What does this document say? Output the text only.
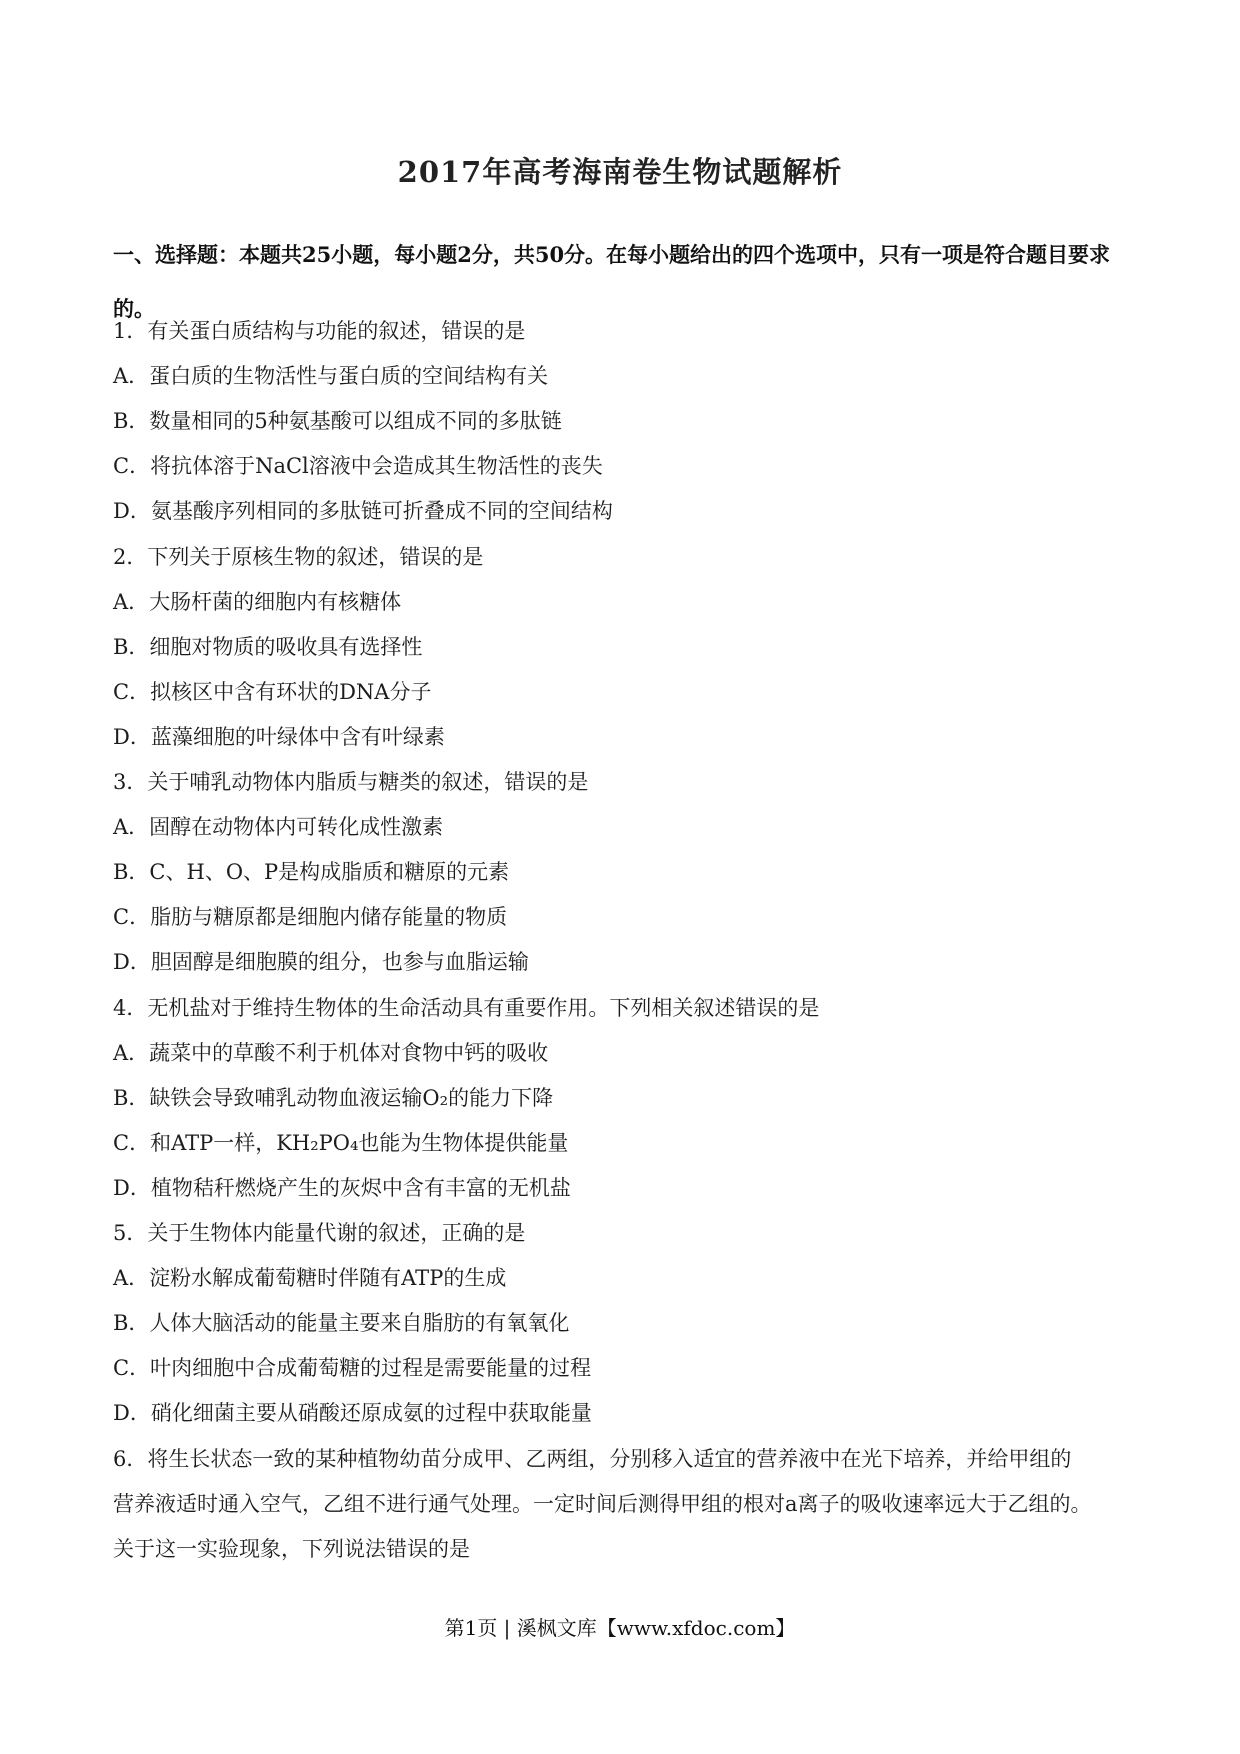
2017年高考海南卷生物试题解析
一、选择题：本题共25小题，每小题2分，共50分。在每小题给出的四个选项中，只有一项是符合题目要求的。
1．有关蛋白质结构与功能的叙述，错误的是
A．蛋白质的生物活性与蛋白质的空间结构有关
B．数量相同的5种氨基酸可以组成不同的多肽链
C．将抗体溶于NaCl溶液中会造成其生物活性的丧失
D．氨基酸序列相同的多肽链可折叠成不同的空间结构
2．下列关于原核生物的叙述，错误的是
A．大肠杆菌的细胞内有核糖体
B．细胞对物质的吸收具有选择性
C．拟核区中含有环状的DNA分子
D．蓝藻细胞的叶绿体中含有叶绿素
3．关于哺乳动物体内脂质与糖类的叙述，错误的是
A．固醇在动物体内可转化成性激素
B．C、H、O、P是构成脂质和糖原的元素
C．脂肪与糖原都是细胞内储存能量的物质
D．胆固醇是细胞膜的组分，也参与血脂运输
4．无机盐对于维持生物体的生命活动具有重要作用。下列相关叙述错误的是
A．蔬菜中的草酸不利于机体对食物中钙的吸收
B．缺铁会导致哺乳动物血液运输O₂的能力下降
C．和ATP一样，KH₂PO₄也能为生物体提供能量
D．植物秸秆燃烧产生的灰烬中含有丰富的无机盐
5．关于生物体内能量代谢的叙述，正确的是
A．淀粉水解成葡萄糖时伴随有ATP的生成
B．人体大脑活动的能量主要来自脂肪的有氧氧化
C．叶肉细胞中合成葡萄糖的过程是需要能量的过程
D．硝化细菌主要从硝酸还原成氨的过程中获取能量
6．将生长状态一致的某种植物幼苗分成甲、乙两组，分别移入适宜的营养液中在光下培养，并给甲组的
营养液适时通入空气，乙组不进行通气处理。一定时间后测得甲组的根对a离子的吸收速率远大于乙组的。
关于这一实验现象，下列说法错误的是
第1页 | 溪枫文库【www.xfdoc.com】
